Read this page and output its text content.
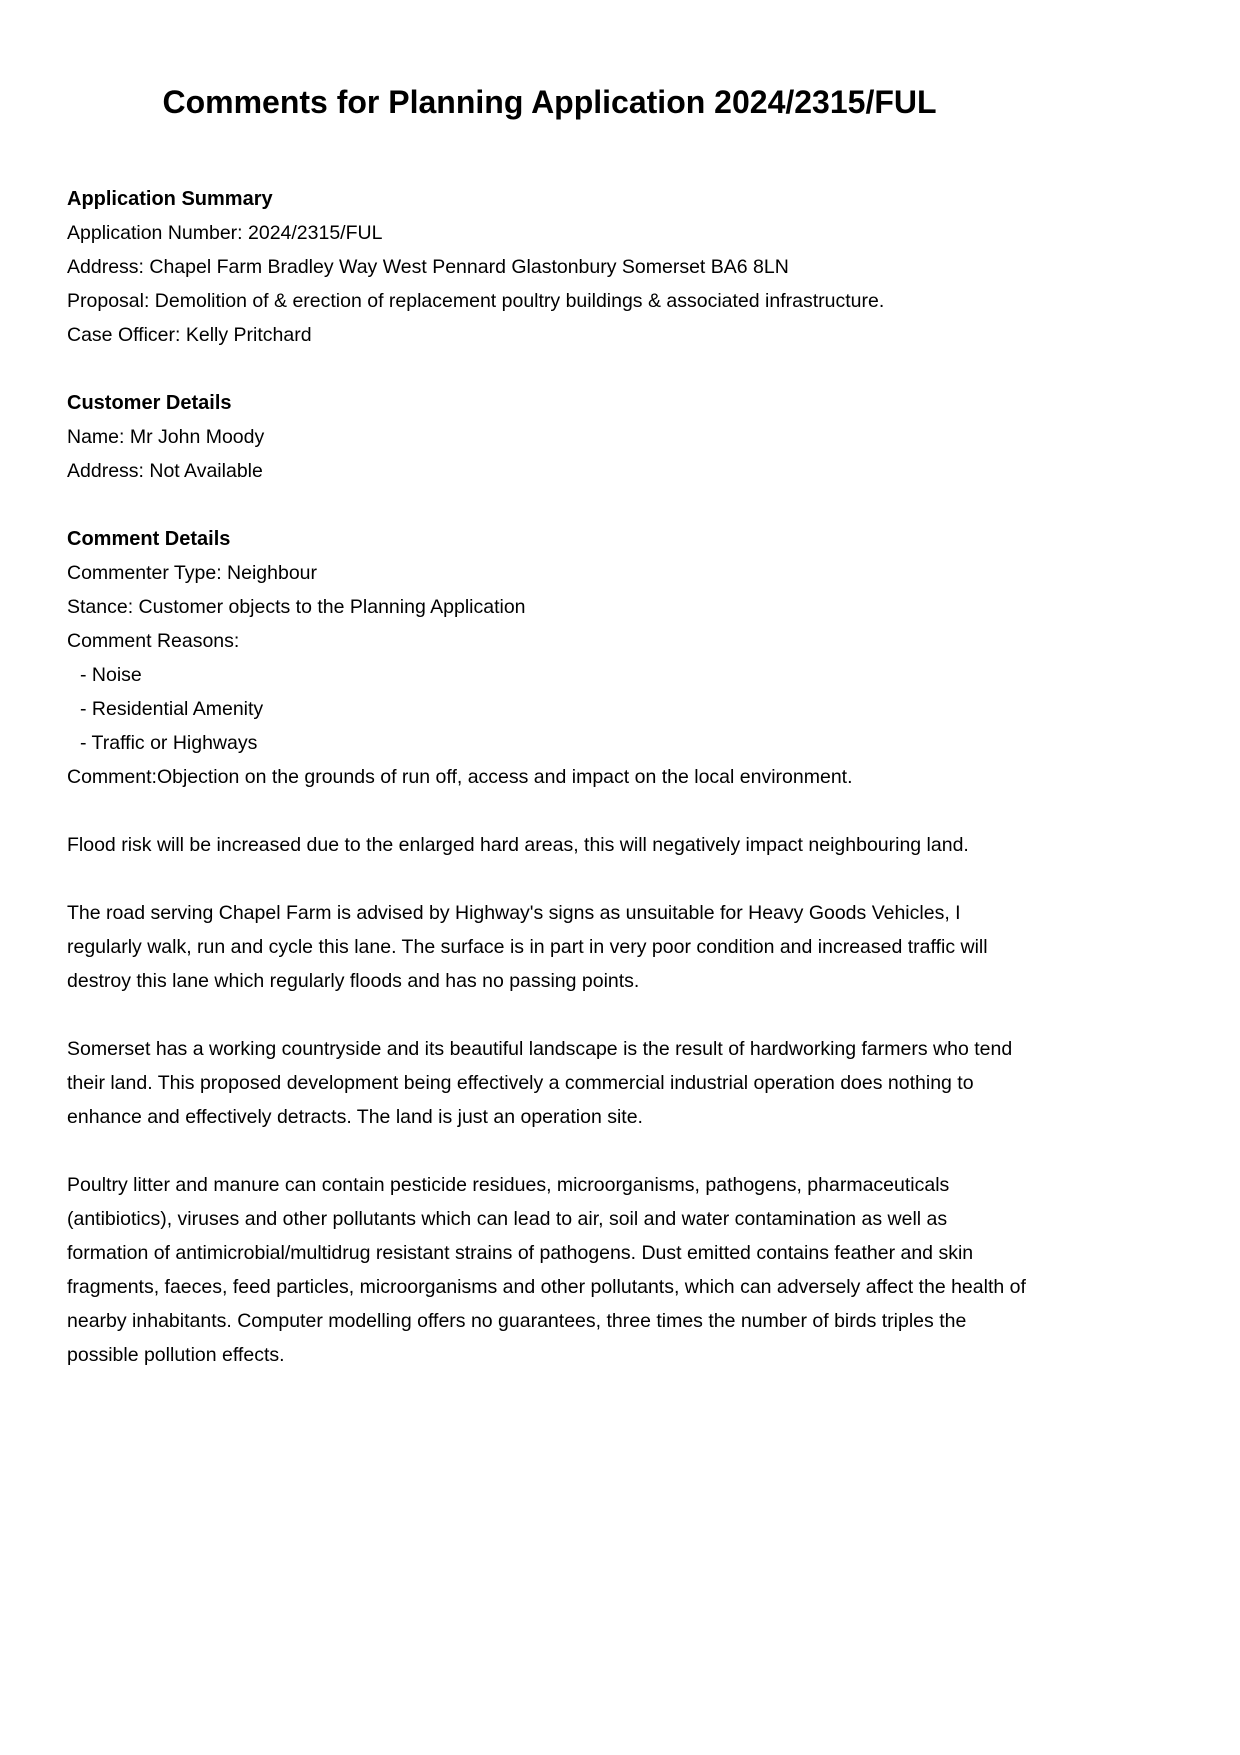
Comments for Planning Application 2024/2315/FUL
Application Summary
Application Number: 2024/2315/FUL
Address: Chapel Farm Bradley Way West Pennard Glastonbury Somerset BA6 8LN
Proposal: Demolition of & erection of replacement poultry buildings & associated infrastructure.
Case Officer: Kelly Pritchard
Customer Details
Name: Mr John Moody
Address: Not Available
Comment Details
Commenter Type: Neighbour
Stance: Customer objects to the Planning Application
Comment Reasons:
- Noise
- Residential Amenity
- Traffic or Highways
Comment:Objection on the grounds of run off, access and impact on the local environment.

Flood risk will be increased due to the enlarged hard areas, this will negatively impact neighbouring land.

The road serving Chapel Farm is advised by Highway's signs as unsuitable for Heavy Goods Vehicles, I regularly walk, run and cycle this lane. The surface is in part in very poor condition and increased traffic will destroy this lane which regularly floods and has no passing points.

Somerset has a working countryside and its beautiful landscape is the result of hardworking farmers who tend their land. This proposed development being effectively a commercial industrial operation does nothing to enhance and effectively detracts. The land is just an operation site.

Poultry litter and manure can contain pesticide residues, microorganisms, pathogens, pharmaceuticals (antibiotics), viruses and other pollutants which can lead to air, soil and water contamination as well as formation of antimicrobial/multidrug resistant strains of pathogens. Dust emitted contains feather and skin fragments, faeces, feed particles, microorganisms and other pollutants, which can adversely affect the health of nearby inhabitants. Computer modelling offers no guarantees, three times the number of birds triples the possible pollution effects.
